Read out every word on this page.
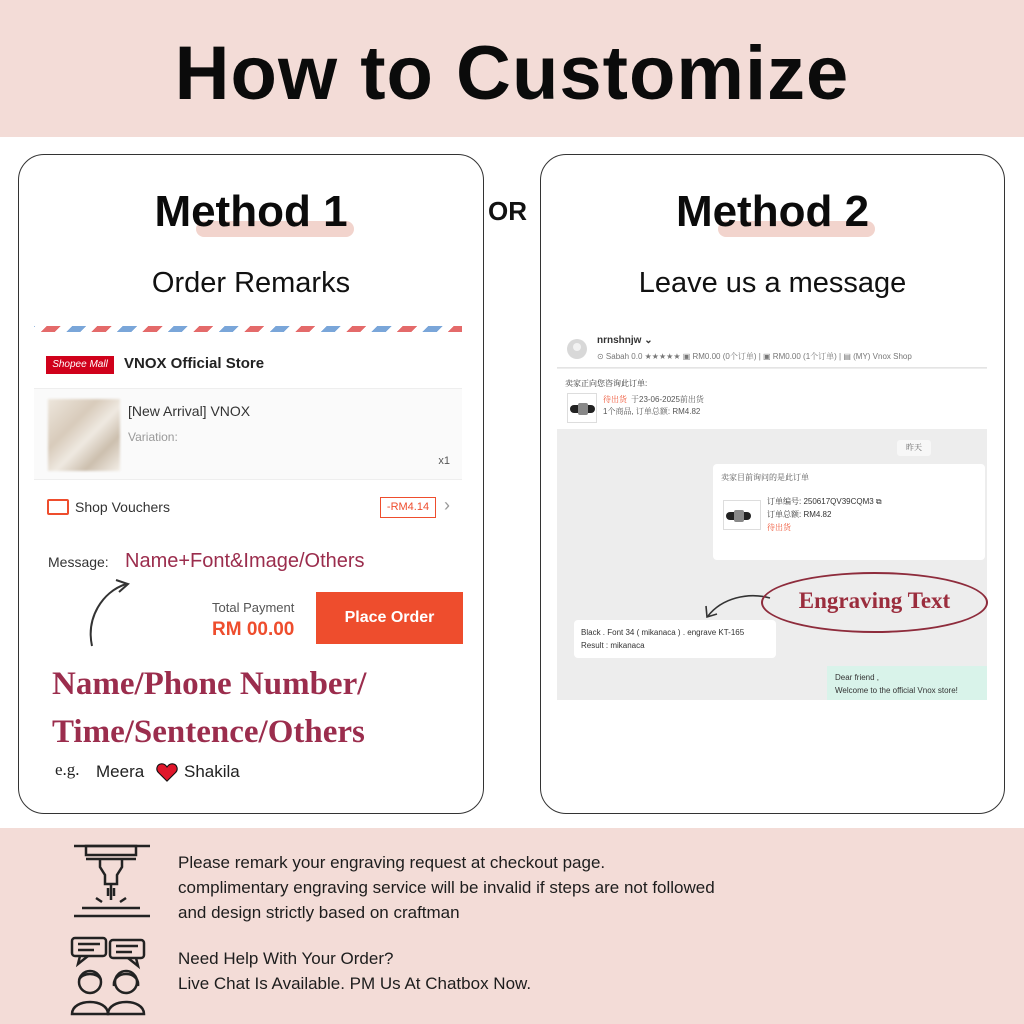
How to Customize
Method 1
Order Remarks
OR	Method 2
Leave us a message
Shopee Mall	VNOX Official Store
[New Arrival] VNOX
Variation:
x1
Shop Vouchers	-RM4.14 ›
Message: Name+Font&Image/Others
Total Payment
RM 00.00
Place Order
Name/Phone Number/
Time/Sentence/Others
e.g. Meera Shakila
nrnshnjw ⌄
⊙ Sabah 0.0 ★★★★★ ▣ RM0.00 (0个订单) | ▣ RM0.00 (1个订单) | ▤ (MY) Vnox Shop
卖家正向您咨询此订单:
待出货 于23-06-2025前出货
1个商品, 订单总额: RM4.82
昨天
卖家目前询问的是此订单
订单编号: 250617QV39CQM3 ⧉
订单总额: RM4.82
待出货
Black . Font 34 ( mikanaca ) . engrave KT-165
Result : mikanaca
Dear friend ,
Welcome to the official Vnox store!
Engraving Text
Please remark your engraving request at checkout page.
complimentary engraving service will be invalid if steps are not followed
and design strictly based on craftman
Need Help With Your Order?
Live Chat Is Available. PM Us At Chatbox Now.
